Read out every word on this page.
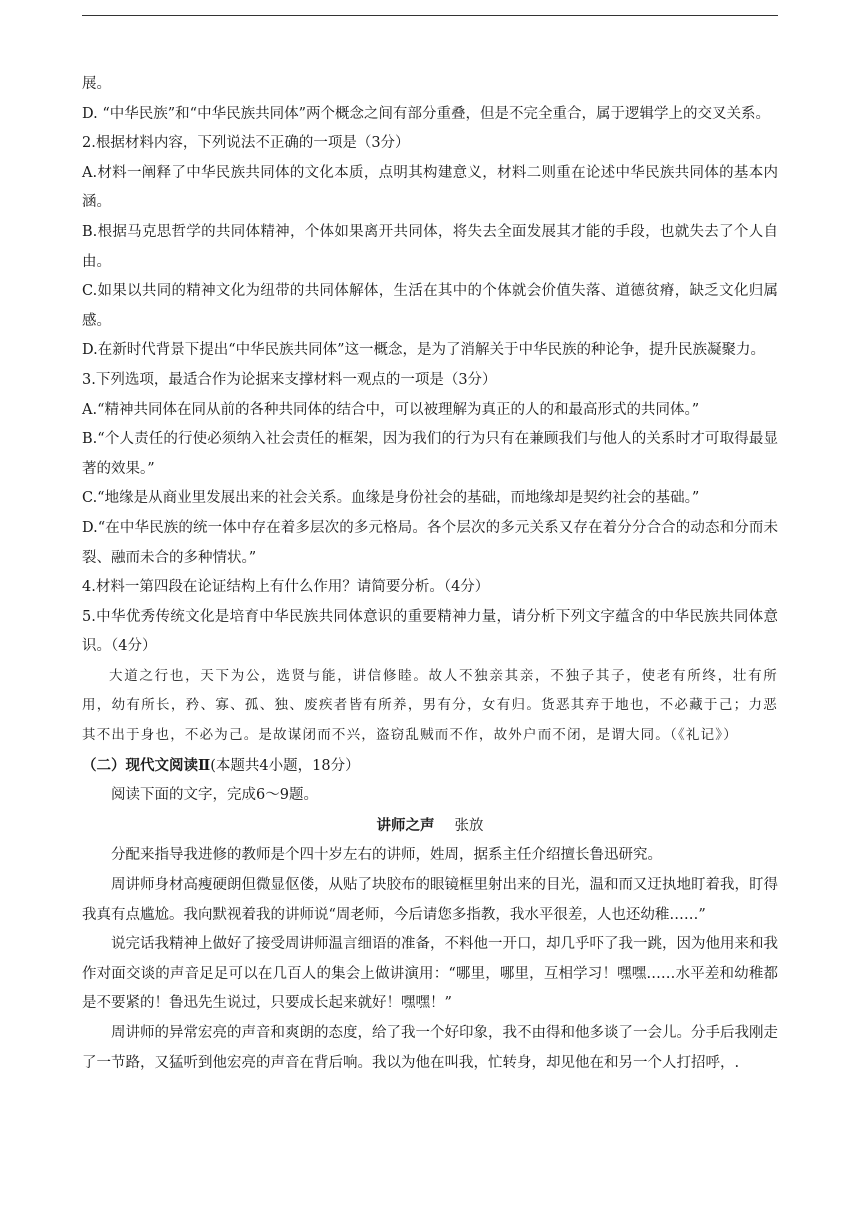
展。

D. “中华民族”和“中华民族共同体”两个概念之间有部分重叠，但是不完全重合，属于逻辑学上的交叉关系。

2.根据材料内容，下列说法不正确的一项是（3分）

A.材料一阐释了中华民族共同体的文化本质，点明其构建意义，材料二则重在论述中华民族共同体的基本内涵。

B.根据马克思哲学的共同体精神，个体如果离开共同体，将失去全面发展其才能的手段，也就失去了个人自由。

C.如果以共同的精神文化为纽带的共同体解体，生活在其中的个体就会价值失落、道德贫瘠，缺乏文化归属感。

D.在新时代背景下提出“中华民族共同体”这一概念，是为了消解关于中华民族的种论争，提升民族凝聚力。

3.下列选项，最适合作为论据来支撑材料一观点的一项是（3分）

A.“精神共同体在同从前的各种共同体的结合中，可以被理解为真正的人的和最高形式的共同体。”

B.“个人责任的行使必须纳入社会责任的框架，因为我们的行为只有在兼顾我们与他人的关系时才可取得最显著的效果。”

C.“地缘是从商业里发展出来的社会关系。血缘是身份社会的基础，而地缘却是契约社会的基础。”

D.“在中华民族的统一体中存在着多层次的多元格局。各个层次的多元关系又存在着分分合合的动态和分而未裂、融而未合的多种情状。”

4.材料一第四段在论证结构上有什么作用？请简要分析。（4分）

5.中华优秀传统文化是培育中华民族共同体意识的重要精神力量，请分析下列文字蕴含的中华民族共同体意识。（4分）

大道之行也，天下为公，选贤与能，讲信修睦。故人不独亲其亲，不独子其子，使老有所终，壮有所用，幼有所长，矜、寡、孤、独、废疾者皆有所养，男有分，女有归。货恶其弃于地也，不必藏于己；力恶其不出于身也，不必为己。是故谋闭而不兴，盗窃乱贼而不作，故外户而不闭，是谓大同。（《礼记》）

（二）现代文阅读Ⅱ(本题共4小题，18分）

阅读下面的文字，完成6～9题。

讲师之声 张放

分配来指导我进修的教师是个四十岁左右的讲师，姓周，据系主任介绍擅长鲁迅研究。

周讲师身材高瘦硬朗但微显伛偻，从贴了块胶布的眼镜框里射出来的目光，温和而又迂执地盯着我，盯得我真有点尴尬。我向默视着我的讲师说“周老师，今后请您多指教，我水平很差，人也还幼稚……”

说完话我精神上做好了接受周讲师温言细语的准备，不料他一开口，却几乎吓了我一跳，因为他用来和我作对面交谈的声音足足可以在几百人的集会上做讲演用：“哪里，哪里，互相学习！嘿嘿……水平差和幼稚都是不要紧的！鲁迅先生说过，只要成长起来就好！嘿嘿！”

周讲师的异常宏亮的声音和爽朗的态度，给了我一个好印象，我不由得和他多谈了一会儿。分手后我刚走了一节路，又猛听到他宏亮的声音在背后响。我以为他在叫我，忙转身，却见他在和另一个人打招呼，.
